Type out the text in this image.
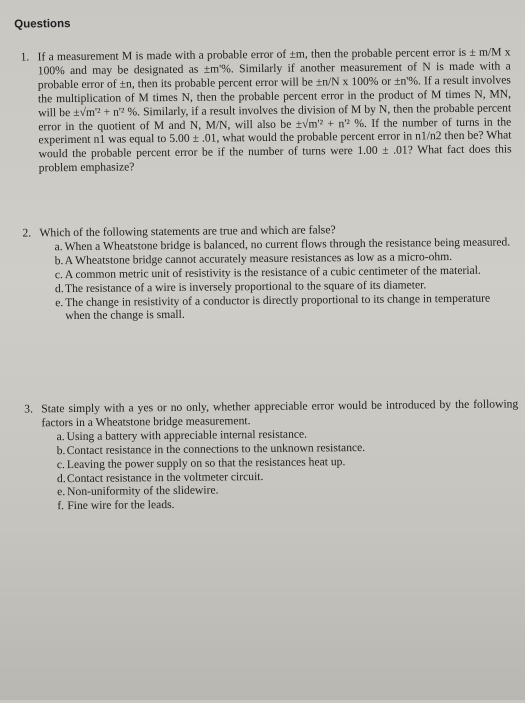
Questions
1. If a measurement M is made with a probable error of ±m, then the probable percent error is ± m/M x 100% and may be designated as ±m'%. Similarly if another measurement of N is made with a probable error of ±n, then its probable percent error will be ±n/N x 100% or ±n'%. If a result involves the multiplication of M times N, then the probable percent error in the product of M times N, MN, will be ±√m'² + n'² %. Similarly, if a result involves the division of M by N, then the probable percent error in the quotient of M and N, M/N, will also be ±√m'² + n'² %. If the number of turns in the experiment n1 was equal to 5.00 ± .01, what would the probable percent error in n1/n2 then be? What would the probable percent error be if the number of turns were 1.00 ± .01? What fact does this problem emphasize?
2. Which of the following statements are true and which are false?
a. When a Wheatstone bridge is balanced, no current flows through the resistance being measured.
b. A Wheatstone bridge cannot accurately measure resistances as low as a micro-ohm.
c. A common metric unit of resistivity is the resistance of a cubic centimeter of the material.
d. The resistance of a wire is inversely proportional to the square of its diameter.
e. The change in resistivity of a conductor is directly proportional to its change in temperature when the change is small.
3. State simply with a yes or no only, whether appreciable error would be introduced by the following factors in a Wheatstone bridge measurement.
a. Using a battery with appreciable internal resistance.
b. Contact resistance in the connections to the unknown resistance.
c. Leaving the power supply on so that the resistances heat up.
d. Contact resistance in the voltmeter circuit.
e. Non-uniformity of the slidewire.
f. Fine wire for the leads.
